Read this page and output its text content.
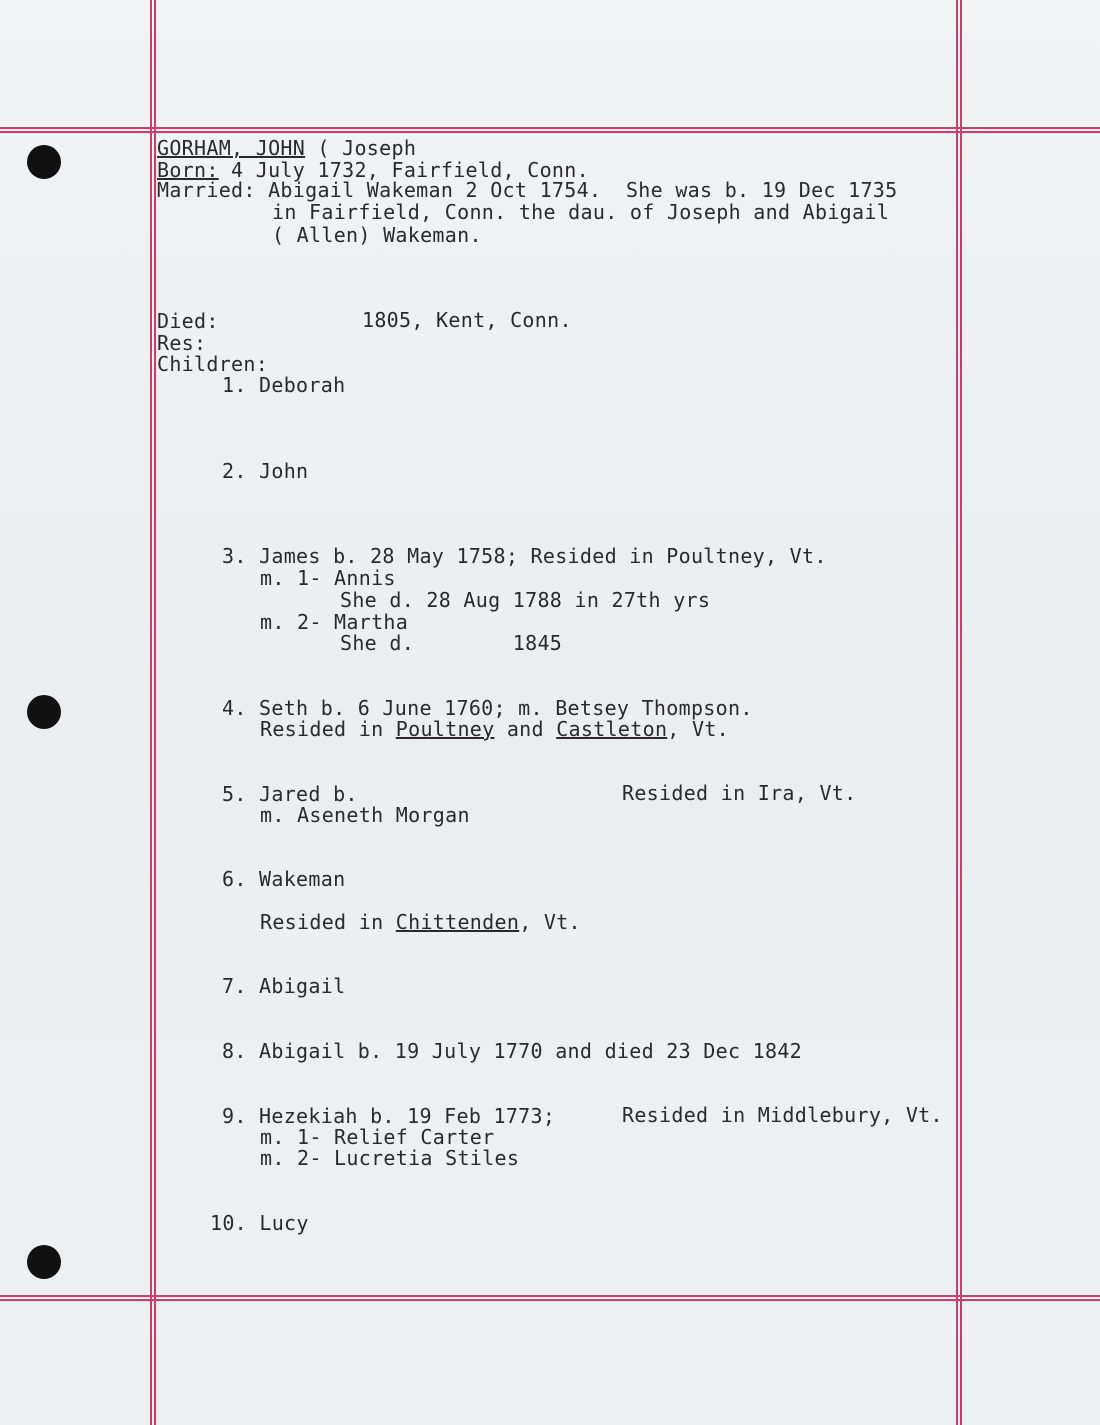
GORHAM, JOHN ( Joseph
Born: 4 July 1732, Fairfield, Conn.
Married: Abigail Wakeman 2 Oct 1754.  She was b. 19 Dec 1735
in Fairfield, Conn. the dau. of Joseph and Abigail
( Allen) Wakeman.
Died:	1805, Kent, Conn.
Res:
Children:
1. Deborah
2. John
3. James b. 28 May 1758; Resided in Poultney, Vt.
m. 1- Annis
She d. 28 Aug 1788 in 27th yrs
m. 2- Martha
She d.        1845
4. Seth b. 6 June 1760; m. Betsey Thompson.
Resided in Poultney and Castleton, Vt.
5. Jared b.	Resided in Ira, Vt.
m. Aseneth Morgan
6. Wakeman
Resided in Chittenden, Vt.
7. Abigail
8. Abigail b. 19 July 1770 and died 23 Dec 1842
9. Hezekiah b. 19 Feb 1773;	Resided in Middlebury, Vt.
m. 1- Relief Carter
m. 2- Lucretia Stiles
10. Lucy
